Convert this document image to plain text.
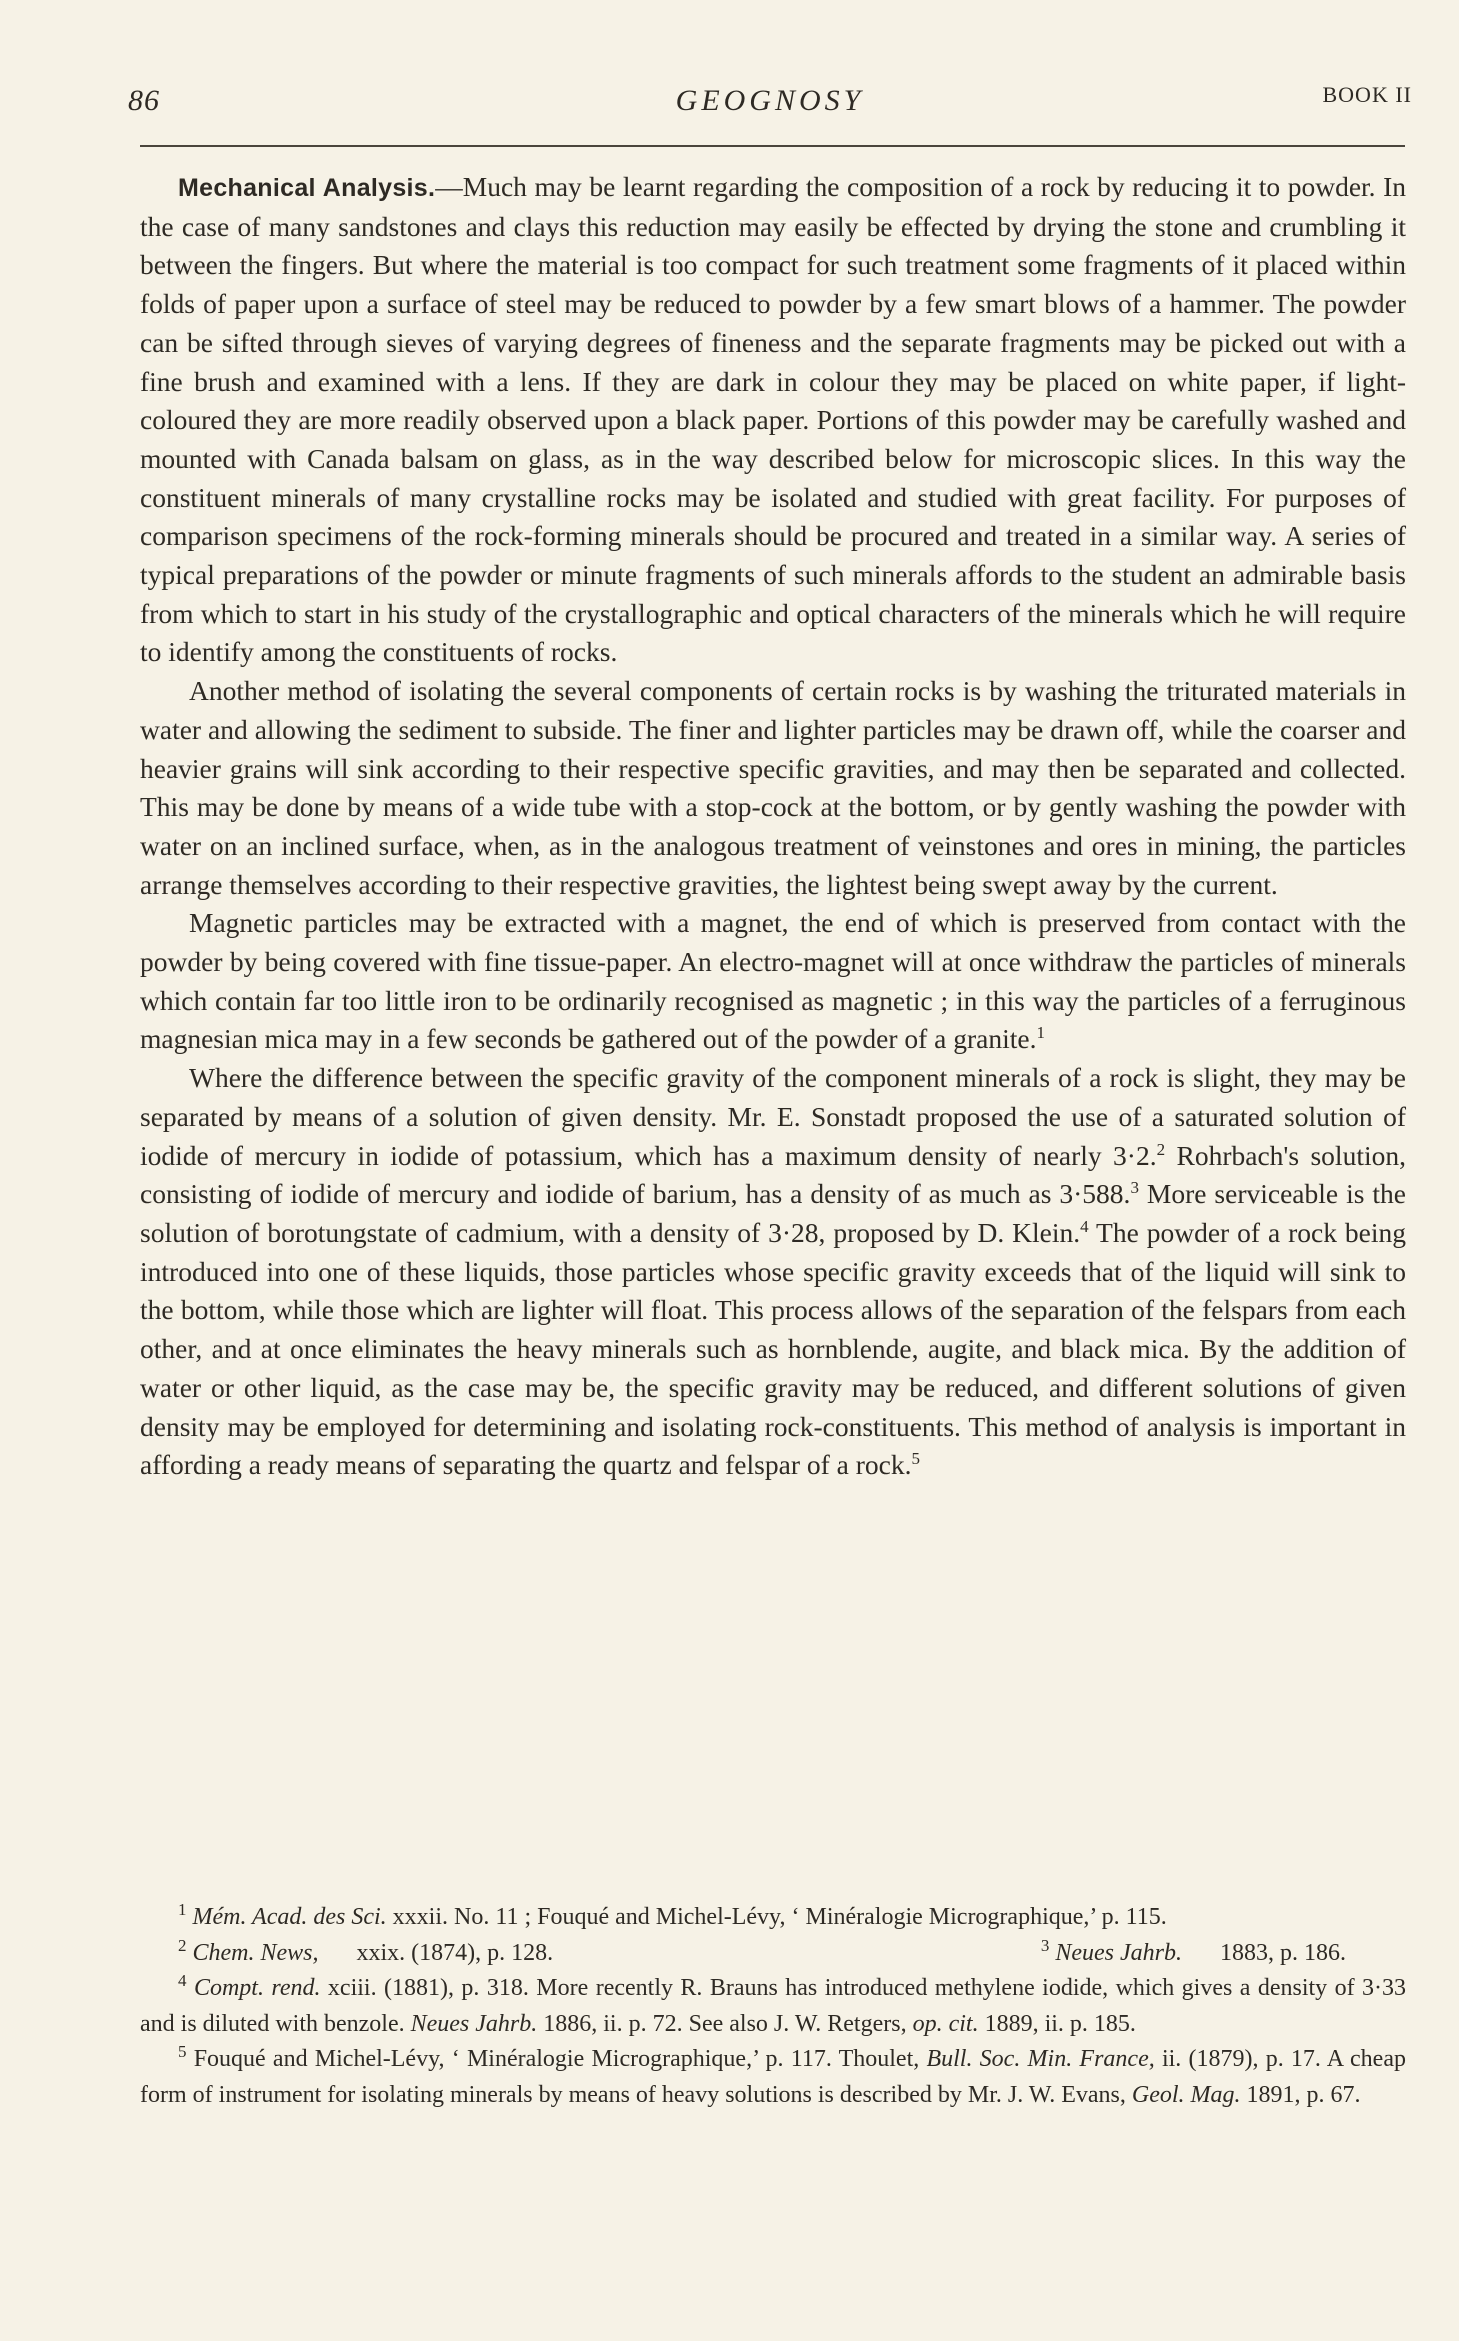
86	GEOGNOSY	BOOK II

Mechanical Analysis.—Much may be learnt regarding the composition of a rock by reducing it to powder. In the case of many sandstones and clays this reduction may easily be effected by drying the stone and crumbling it between the fingers. But where the material is too compact for such treatment some fragments of it placed within folds of paper upon a surface of steel may be reduced to powder by a few smart blows of a hammer. The powder can be sifted through sieves of varying degrees of fineness and the separate fragments may be picked out with a fine brush and examined with a lens. If they are dark in colour they may be placed on white paper, if light-coloured they are more readily observed upon a black paper. Portions of this powder may be carefully washed and mounted with Canada balsam on glass, as in the way described below for microscopic slices. In this way the constituent minerals of many crystalline rocks may be isolated and studied with great facility. For purposes of comparison specimens of the rock-forming minerals should be procured and treated in a similar way. A series of typical preparations of the powder or minute fragments of such minerals affords to the student an admirable basis from which to start in his study of the crystallographic and optical characters of the minerals which he will require to identify among the constituents of rocks.

Another method of isolating the several components of certain rocks is by washing the triturated materials in water and allowing the sediment to subside. The finer and lighter particles may be drawn off, while the coarser and heavier grains will sink according to their respective specific gravities, and may then be separated and collected. This may be done by means of a wide tube with a stop-cock at the bottom, or by gently washing the powder with water on an inclined surface, when, as in the analogous treatment of veinstones and ores in mining, the particles arrange themselves according to their respective gravities, the lightest being swept away by the current.

Magnetic particles may be extracted with a magnet, the end of which is preserved from contact with the powder by being covered with fine tissue-paper. An electro-magnet will at once withdraw the particles of minerals which contain far too little iron to be ordinarily recognised as magnetic ; in this way the particles of a ferruginous magnesian mica may in a few seconds be gathered out of the powder of a granite.$^1$

Where the difference between the specific gravity of the component minerals of a rock is slight, they may be separated by means of a solution of given density. Mr. E. Sonstadt proposed the use of a saturated solution of iodide of mercury in iodide of potassium, which has a maximum density of nearly 3·2.$^2$ Rohrbach's solution, consisting of iodide of mercury and iodide of barium, has a density of as much as 3·588.$^3$ More serviceable is the solution of borotungstate of cadmium, with a density of 3·28, proposed by D. Klein.$^4$ The powder of a rock being introduced into one of these liquids, those particles whose specific gravity exceeds that of the liquid will sink to the bottom, while those which are lighter will float. This process allows of the separation of the felspars from each other, and at once eliminates the heavy minerals such as hornblende, augite, and black mica. By the addition of water or other liquid, as the case may be, the specific gravity may be reduced, and different solutions of given density may be employed for determining and isolating rock-constituents. This method of analysis is important in affording a ready means of separating the quartz and felspar of a rock.$^5$

$^1$ Mém. Acad. des Sci. xxxii. No. 11 ; Fouqué and Michel-Lévy, ‘ Minéralogie Micrographique,’ p. 115.

$^2$ Chem. News,xxix. (1874), p. 128.	$^3$ Neues Jahrb.1883, p. 186.

$^4$ Compt. rend. xciii. (1881), p. 318. More recently R. Brauns has introduced methylene iodide, which gives a density of 3·33 and is diluted with benzole. Neues Jahrb. 1886, ii. p. 72. See also J. W. Retgers, op. cit. 1889, ii. p. 185.

$^5$ Fouqué and Michel-Lévy, ‘ Minéralogie Micrographique,’ p. 117. Thoulet, Bull. Soc. Min. France, ii. (1879), p. 17. A cheap form of instrument for isolating minerals by means of heavy solutions is described by Mr. J. W. Evans, Geol. Mag. 1891, p. 67.
